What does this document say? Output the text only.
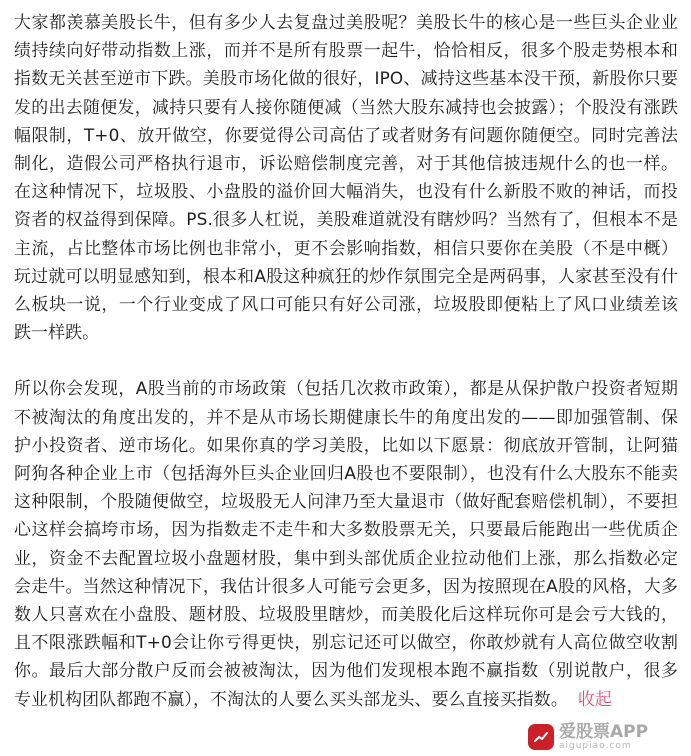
大家都羡慕美股长牛，但有多少人去复盘过美股呢？美股长牛的核心是一些巨头企业业绩持续向好带动指数上涨，而并不是所有股票一起牛，恰恰相反，很多个股走势根本和指数无关甚至逆市下跌。美股市场化做的很好，IPO、减持这些基本没干预，新股你只要发的出去随便发，减持只要有人接你随便减（当然大股东减持也会披露）；个股没有涨跌幅限制，T+0、放开做空，你要觉得公司高估了或者财务有问题你随便空。同时完善法制化，造假公司严格执行退市，诉讼赔偿制度完善，对于其他信披违规什么的也一样。在这种情况下，垃圾股、小盘股的溢价回大幅消失，也没有什么新股不败的神话，而投资者的权益得到保障。PS.很多人杠说，美股难道就没有瞎炒吗？当然有了，但根本不是主流，占比整体市场比例也非常小，更不会影响指数，相信只要你在美股（不是中概）玩过就可以明显感知到，根本和A股这种疯狂的炒作氛围完全是两码事，人家甚至没有什么板块一说，一个行业变成了风口可能只有好公司涨，垃圾股即便粘上了风口业绩差该跌一样跌。

所以你会发现，A股当前的市场政策（包括几次救市政策），都是从保护散户投资者短期不被淘汰的角度出发的，并不是从市场长期健康长牛的角度出发的——即加强管制、保护小投资者、逆市场化。如果你真的学习美股，比如以下愿景：彻底放开管制，让阿猫阿狗各种企业上市（包括海外巨头企业回归A股也不要限制），也没有什么大股东不能卖这种限制，个股随便做空，垃圾股无人问津乃至大量退市（做好配套赔偿机制），不要担心这样会搞垮市场，因为指数走不走牛和大多数股票无关，只要最后能跑出一些优质企业，资金不去配置垃圾小盘题材股，集中到头部优质企业拉动他们上涨，那么指数必定会走牛。当然这种情况下，我估计很多人可能亏会更多，因为按照现在A股的风格，大多数人只喜欢在小盘股、题材股、垃圾股里瞎炒，而美股化后这样玩你可是会亏大钱的，且不限涨跌幅和T+0会让你亏得更快，别忘记还可以做空，你敢炒就有人高位做空收割你。最后大部分散户反而会被被淘汰，因为他们发现根本跑不赢指数（别说散户，很多专业机构团队都跑不赢），不淘汰的人要么买头部龙头、要么直接买指数。 收起

爱股票APP
aigupiao.com
